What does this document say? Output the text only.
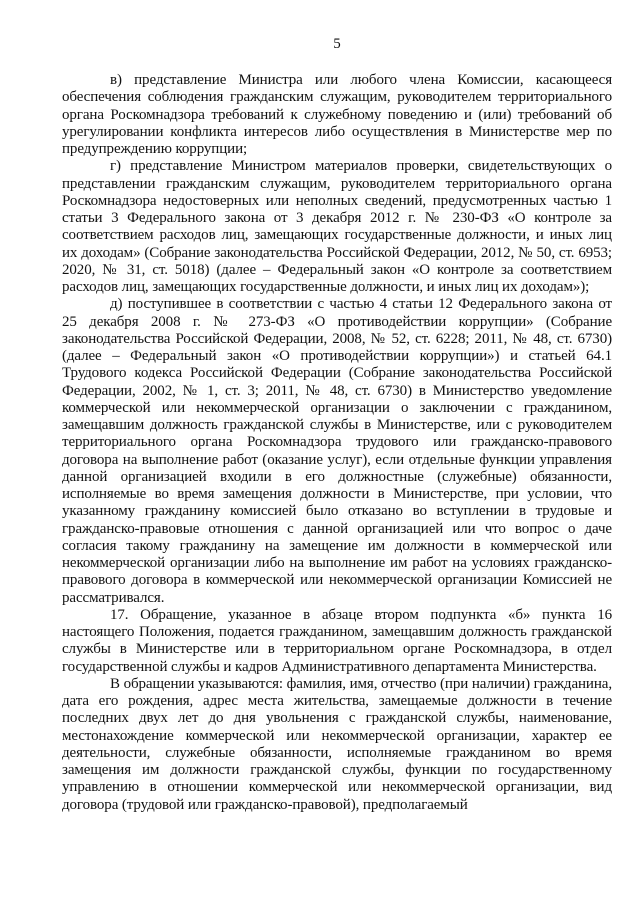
5

в) представление Министра или любого члена Комиссии, касающееся обеспечения соблюдения гражданским служащим, руководителем территориального органа Роскомнадзора требований к служебному поведению и (или) требований об урегулировании конфликта интересов либо осуществления в Министерстве мер по предупреждению коррупции;

г) представление Министром материалов проверки, свидетельствующих о представлении гражданским служащим, руководителем территориального органа Роскомнадзора недостоверных или неполных сведений, предусмотренных частью 1 статьи 3 Федерального закона от 3 декабря 2012 г. № 230-ФЗ «О контроле за соответствием расходов лиц, замещающих государственные должности, и иных лиц их доходам» (Собрание законодательства Российской Федерации, 2012, № 50, ст. 6953; 2020, № 31, ст. 5018) (далее – Федеральный закон «О контроле за соответствием расходов лиц, замещающих государственные должности, и иных лиц их доходам»);

д) поступившее в соответствии с частью 4 статьи 12 Федерального закона от 25 декабря 2008 г. № 273-ФЗ «О противодействии коррупции» (Собрание законодательства Российской Федерации, 2008, № 52, ст. 6228; 2011, № 48, ст. 6730) (далее – Федеральный закон «О противодействии коррупции») и статьей 64.1 Трудового кодекса Российской Федерации (Собрание законодательства Российской Федерации, 2002, № 1, ст. 3; 2011, № 48, ст. 6730) в Министерство уведомление коммерческой или некоммерческой организации о заключении с гражданином, замещавшим должность гражданской службы в Министерстве, или с руководителем территориального органа Роскомнадзора трудового или гражданско-правового договора на выполнение работ (оказание услуг), если отдельные функции управления данной организацией входили в его должностные (служебные) обязанности, исполняемые во время замещения должности в Министерстве, при условии, что указанному гражданину комиссией было отказано во вступлении в трудовые и гражданско-правовые отношения с данной организацией или что вопрос о даче согласия такому гражданину на замещение им должности в коммерческой или некоммерческой организации либо на выполнение им работ на условиях гражданско-правового договора в коммерческой или некоммерческой организации Комиссией не рассматривался.

17. Обращение, указанное в абзаце втором подпункта «б» пункта 16 настоящего Положения, подается гражданином, замещавшим должность гражданской службы в Министерстве или в территориальном органе Роскомнадзора, в отдел государственной службы и кадров Административного департамента Министерства.

В обращении указываются: фамилия, имя, отчество (при наличии) гражданина, дата его рождения, адрес места жительства, замещаемые должности в течение последних двух лет до дня увольнения с гражданской службы, наименование, местонахождение коммерческой или некоммерческой организации, характер ее деятельности, служебные обязанности, исполняемые гражданином во время замещения им должности гражданской службы, функции по государственному управлению в отношении коммерческой или некоммерческой организации, вид договора (трудовой или гражданско-правовой), предполагаемый
